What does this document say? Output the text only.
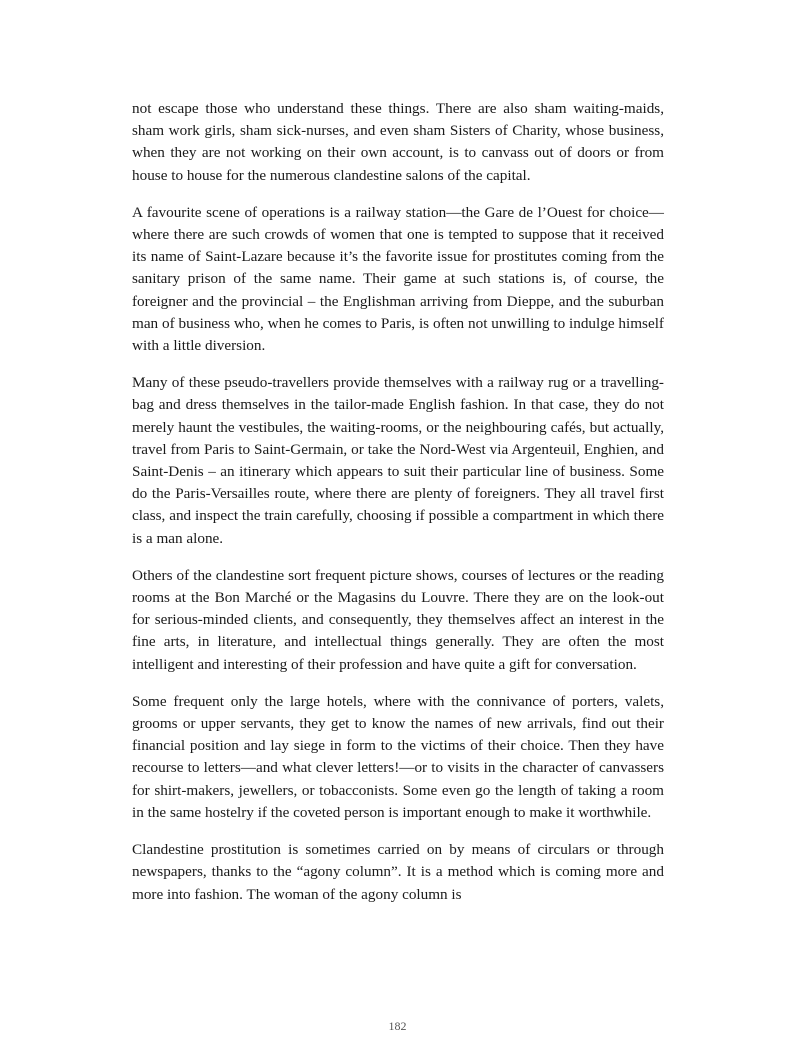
not escape those who understand these things. There are also sham waiting-maids, sham work girls, sham sick-nurses, and even sham Sisters of Charity, whose business, when they are not working on their own account, is to canvass out of doors or from house to house for the numerous clandestine salons of the capital.

A favourite scene of operations is a railway station—the Gare de l’Ouest for choice—where there are such crowds of women that one is tempted to suppose that it received its name of Saint-Lazare because it’s the favorite issue for prostitutes coming from the sanitary prison of the same name. Their game at such stations is, of course, the foreigner and the provincial – the Englishman arriving from Dieppe, and the suburban man of business who, when he comes to Paris, is often not unwilling to indulge himself with a little diversion.

Many of these pseudo-travellers provide themselves with a railway rug or a travelling-bag and dress themselves in the tailor-made English fashion. In that case, they do not merely haunt the vestibules, the waiting-rooms, or the neighbouring cafés, but actually, travel from Paris to Saint-Germain, or take the Nord-West via Argenteuil, Enghien, and Saint-Denis – an itinerary which appears to suit their particular line of business. Some do the Paris-Versailles route, where there are plenty of foreigners. They all travel first class, and inspect the train carefully, choosing if possible a compartment in which there is a man alone.

Others of the clandestine sort frequent picture shows, courses of lectures or the reading rooms at the Bon Marché or the Magasins du Louvre. There they are on the look-out for serious-minded clients, and consequently, they themselves affect an interest in the fine arts, in literature, and intellectual things generally. They are often the most intelligent and interesting of their profession and have quite a gift for conversation.

Some frequent only the large hotels, where with the connivance of porters, valets, grooms or upper servants, they get to know the names of new arrivals, find out their financial position and lay siege in form to the victims of their choice. Then they have recourse to letters—and what clever letters!—or to visits in the character of canvassers for shirt-makers, jewellers, or tobacconists. Some even go the length of taking a room in the same hostelry if the coveted person is important enough to make it worthwhile.

Clandestine prostitution is sometimes carried on by means of circulars or through newspapers, thanks to the “agony column”. It is a method which is coming more and more into fashion. The woman of the agony column is

182
